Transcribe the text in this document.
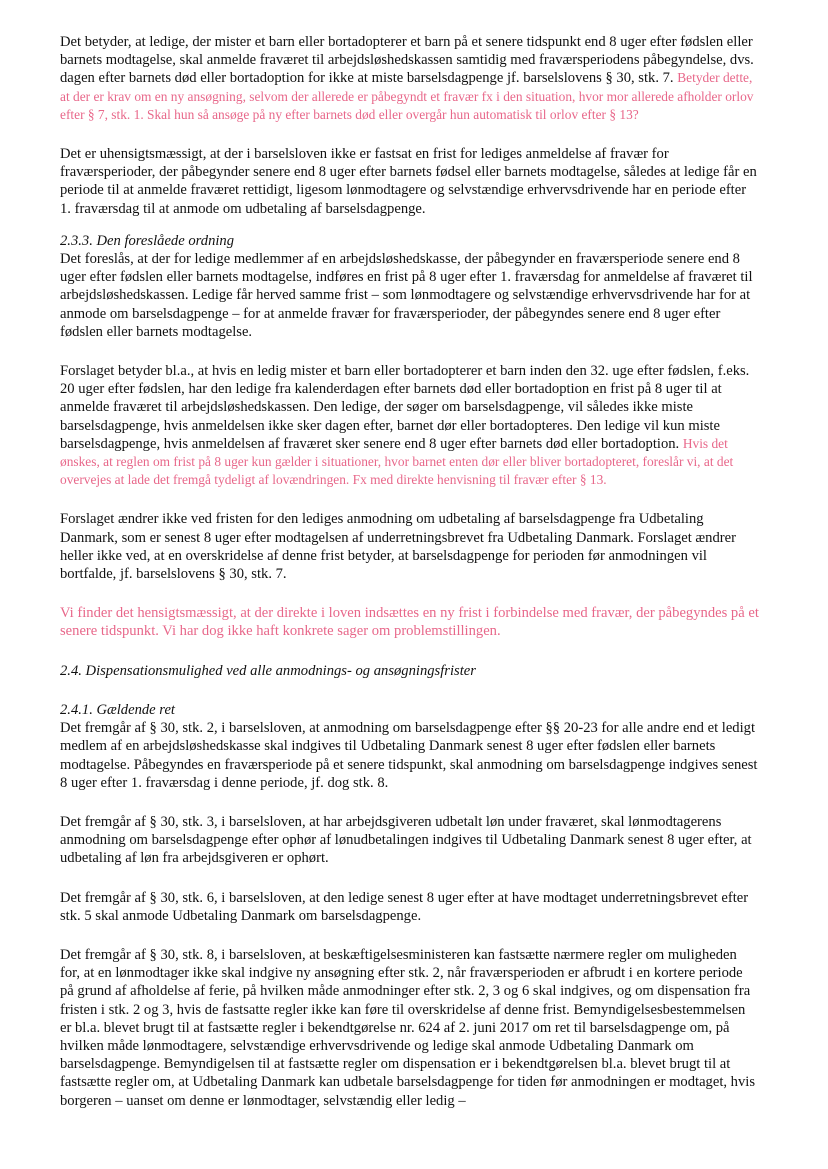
Det betyder, at ledige, der mister et barn eller bortadopterer et barn på et senere tidspunkt end 8 uger efter fødslen eller barnets modtagelse, skal anmelde fraværet til arbejdsløshedskassen samtidig med fraværsperiodens påbegyndelse, dvs. dagen efter barnets død eller bortadoption for ikke at miste barselsdagpenge jf. barselslovens § 30, stk. 7. Betyder dette, at der er krav om en ny ansøgning, selvom der allerede er påbegyndt et fravær fx i den situation, hvor mor allerede afholder orlov efter § 7, stk. 1. Skal hun så ansøge på ny efter barnets død eller overgår hun automatisk til orlov efter § 13?

Det er uhensigtsmæssigt, at der i barselsloven ikke er fastsat en frist for lediges anmeldelse af fravær for fraværsperioder, der påbegynder senere end 8 uger efter barnets fødsel eller barnets modtagelse, således at ledige får en periode til at anmelde fraværet rettidigt, ligesom lønmodtagere og selvstændige erhvervsdrivende har en periode efter 1. fraværsdag til at anmode om udbetaling af barselsdagpenge.

2.3.3. Den foreslåede ordning

Det foreslås, at der for ledige medlemmer af en arbejdsløshedskasse, der påbegynder en fraværsperiode senere end 8 uger efter fødslen eller barnets modtagelse, indføres en frist på 8 uger efter 1. fraværsdag for anmeldelse af fraværet til arbejdsløshedskassen. Ledige får herved samme frist – som lønmodtagere og selvstændige erhvervsdrivende har for at anmode om barselsdagpenge – for at anmelde fravær for fraværsperioder, der påbegyndes senere end 8 uger efter fødslen eller barnets modtagelse.

Forslaget betyder bl.a., at hvis en ledig mister et barn eller bortadopterer et barn inden den 32. uge efter fødslen, f.eks. 20 uger efter fødslen, har den ledige fra kalenderdagen efter barnets død eller bortadoption en frist på 8 uger til at anmelde fraværet til arbejdsløshedskassen. Den ledige, der søger om barselsdagpenge, vil således ikke miste barselsdagpenge, hvis anmeldelsen ikke sker dagen efter, barnet dør eller bortadopteres. Den ledige vil kun miste barselsdagpenge, hvis anmeldelsen af fraværet sker senere end 8 uger efter barnets død eller bortadoption. Hvis det ønskes, at reglen om frist på 8 uger kun gælder i situationer, hvor barnet enten dør eller bliver bortadopteret, foreslår vi, at det overvejes at lade det fremgå tydeligt af lovændringen. Fx med direkte henvisning til fravær efter § 13.

Forslaget ændrer ikke ved fristen for den lediges anmodning om udbetaling af barselsdagpenge fra Udbetaling Danmark, som er senest 8 uger efter modtagelsen af underretningsbrevet fra Udbetaling Danmark. Forslaget ændrer heller ikke ved, at en overskridelse af denne frist betyder, at barselsdagpenge for perioden før anmodningen vil bortfalde, jf. barselslovens § 30, stk. 7.

Vi finder det hensigtsmæssigt, at der direkte i loven indsættes en ny frist i forbindelse med fravær, der påbegyndes på et senere tidspunkt. Vi har dog ikke haft konkrete sager om problemstillingen.

2.4. Dispensationsmulighed ved alle anmodnings- og ansøgningsfrister

2.4.1. Gældende ret

Det fremgår af § 30, stk. 2, i barselsloven, at anmodning om barselsdagpenge efter §§ 20-23 for alle andre end et ledigt medlem af en arbejdsløshedskasse skal indgives til Udbetaling Danmark senest 8 uger efter fødslen eller barnets modtagelse. Påbegyndes en fraværsperiode på et senere tidspunkt, skal anmodning om barselsdagpenge indgives senest 8 uger efter 1. fraværsdag i denne periode, jf. dog stk. 8.

Det fremgår af § 30, stk. 3, i barselsloven, at har arbejdsgiveren udbetalt løn under fraværet, skal lønmodtagerens anmodning om barselsdagpenge efter ophør af lønudbetalingen indgives til Udbetaling Danmark senest 8 uger efter, at udbetaling af løn fra arbejdsgiveren er ophørt.

Det fremgår af § 30, stk. 6, i barselsloven, at den ledige senest 8 uger efter at have modtaget underretningsbrevet efter stk. 5 skal anmode Udbetaling Danmark om barselsdagpenge.

Det fremgår af § 30, stk. 8, i barselsloven, at beskæftigelsesministeren kan fastsætte nærmere regler om muligheden for, at en lønmodtager ikke skal indgive ny ansøgning efter stk. 2, når fraværsperioden er afbrudt i en kortere periode på grund af afholdelse af ferie, på hvilken måde anmodninger efter stk. 2, 3 og 6 skal indgives, og om dispensation fra fristen i stk. 2 og 3, hvis de fastsatte regler ikke kan føre til overskridelse af denne frist. Bemyndigelsesbestemmelsen er bl.a. blevet brugt til at fastsætte regler i bekendtgørelse nr. 624 af 2. juni 2017 om ret til barselsdagpenge om, på hvilken måde lønmodtagere, selvstændige erhvervsdrivende og ledige skal anmode Udbetaling Danmark om barselsdagpenge. Bemyndigelsen til at fastsætte regler om dispensation er i bekendtgørelsen bl.a. blevet brugt til at fastsætte regler om, at Udbetaling Danmark kan udbetale barselsdagpenge for tiden før anmodningen er modtaget, hvis borgeren – uanset om denne er lønmodtager, selvstændig eller ledig –
